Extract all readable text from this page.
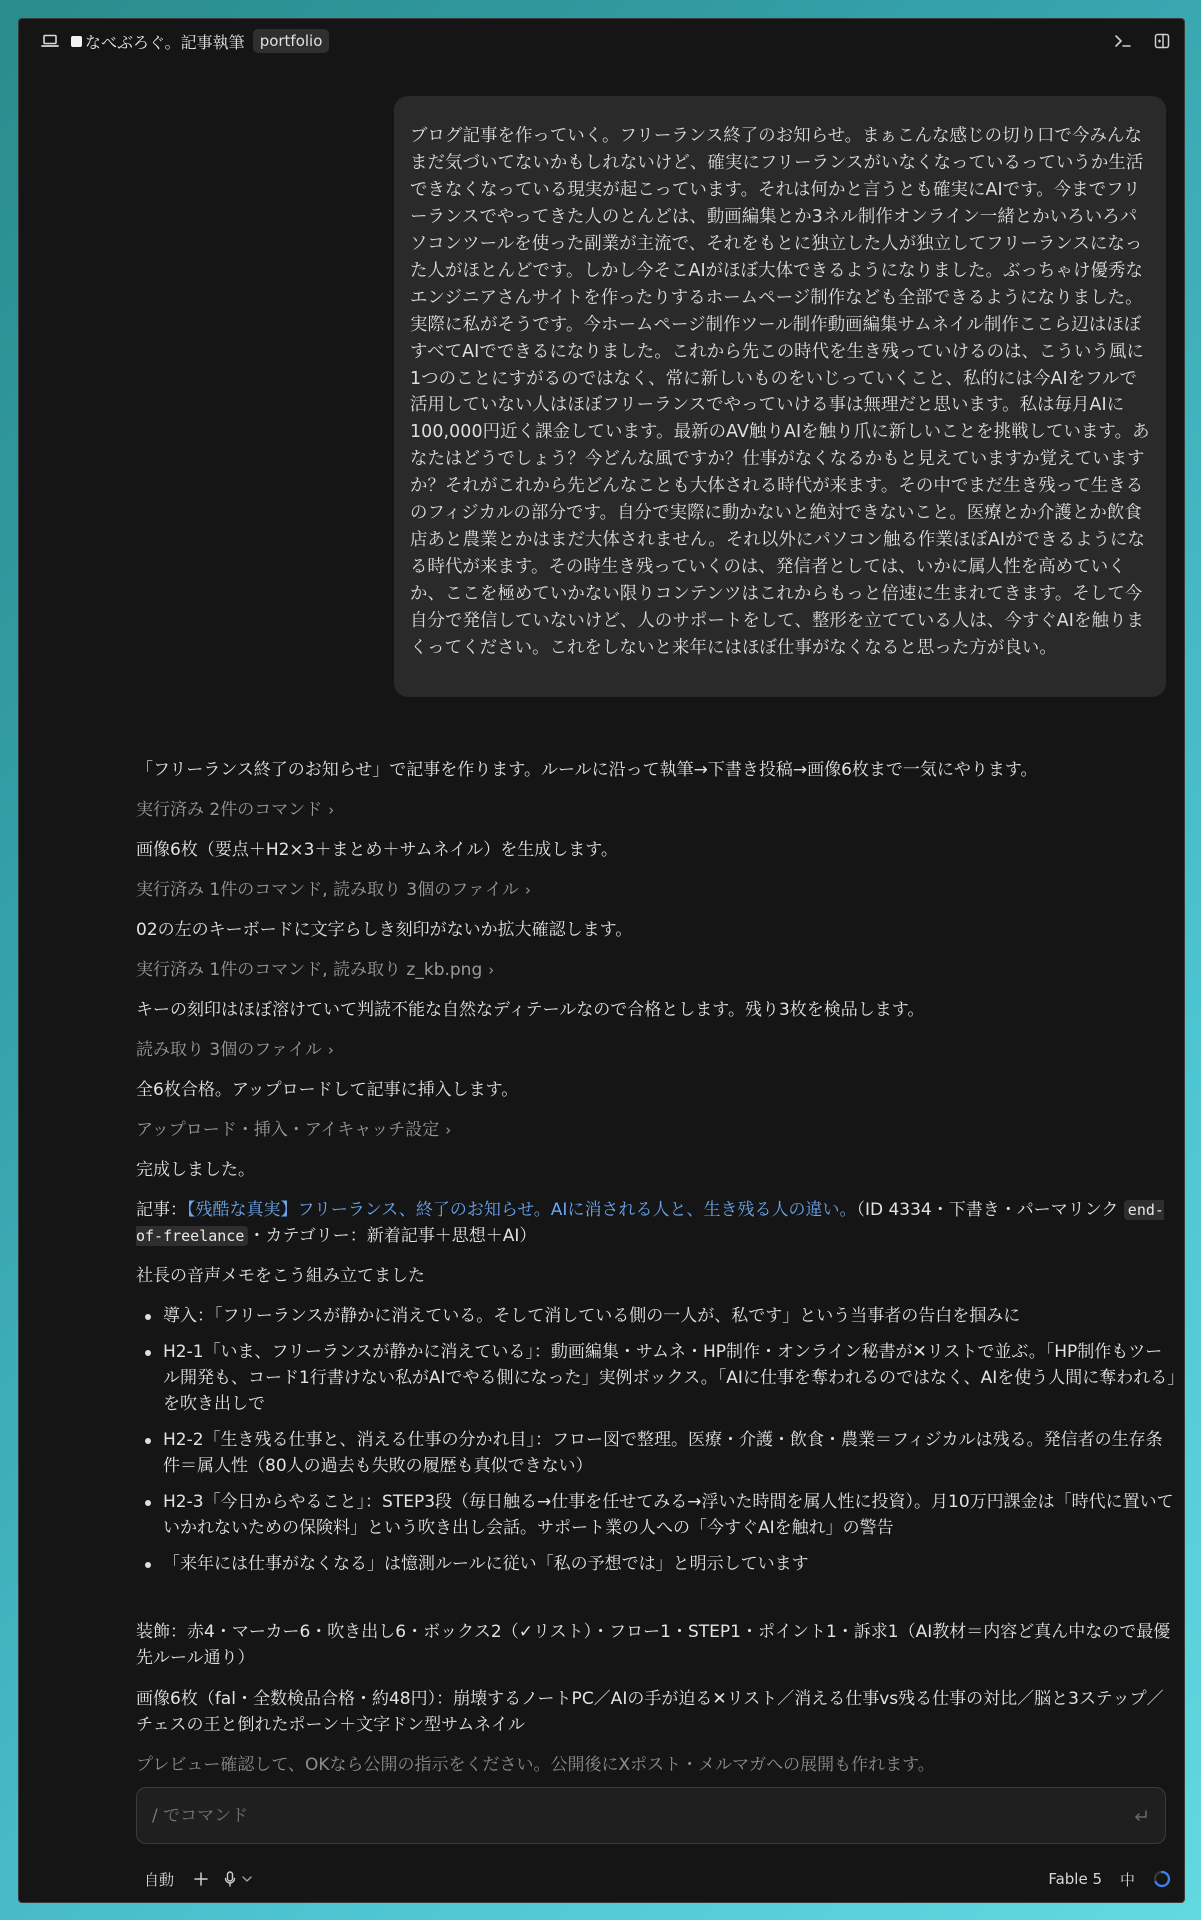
なべぶろぐ。記事執筆	portfolio

ブログ記事を作っていく。フリーランス終了のお知らせ。まぁこんな感じの切り口で今みんなまだ気づいてないかもしれないけど、確実にフリーランスがいなくなっているっていうか生活できなくなっている現実が起こっています。それは何かと言うとも確実にAIです。今までフリーランスでやってきた人のとんどは、動画編集とか3ネル制作オンライン一緒とかいろいろパソコンツールを使った副業が主流で、それをもとに独立した人が独立してフリーランスになった人がほとんどです。しかし今そこAIがほぼ大体できるようになりました。ぶっちゃけ優秀なエンジニアさんサイトを作ったりするホームページ制作なども全部できるようになりました。実際に私がそうです。今ホームページ制作ツール制作動画編集サムネイル制作ここら辺はほぼすべてAIでできるになりました。これから先この時代を生き残っていけるのは、こういう風に1つのことにすがるのではなく、常に新しいものをいじっていくこと、私的には今AIをフルで活用していない人はほぼフリーランスでやっていける事は無理だと思います。私は毎月AIに100,000円近く課金しています。最新のAV触りAIを触り爪に新しいことを挑戦しています。あなたはどうでしょう？今どんな風ですか？仕事がなくなるかもと見えていますか覚えていますか？それがこれから先どんなことも大体される時代が来ます。その中でまだ生き残って生きるのフィジカルの部分です。自分で実際に動かないと絶対できないこと。医療とか介護とか飲食店あと農業とかはまだ大体されません。それ以外にパソコン触る作業ほぼAIができるようになる時代が来ます。その時生き残っていくのは、発信者としては、いかに属人性を高めていくか、ここを極めていかない限りコンテンツはこれからもっと倍速に生まれてきます。そして今自分で発信していないけど、人のサポートをして、整形を立てている人は、今すぐAIを触りまくってください。これをしないと来年にはほぼ仕事がなくなると思った方が良い。

「フリーランス終了のお知らせ」で記事を作ります。ルールに沿って執筆→下書き投稿→画像6枚まで一気にやります。

実行済み 2件のコマンド ›

画像6枚（要点＋H2×3＋まとめ＋サムネイル）を生成します。

実行済み 1件のコマンド, 読み取り 3個のファイル ›

02の左のキーボードに文字らしき刻印がないか拡大確認します。

実行済み 1件のコマンド, 読み取り z_kb.png ›

キーの刻印はほぼ溶けていて判読不能な自然なディテールなので合格とします。残り3枚を検品します。

読み取り 3個のファイル ›

全6枚合格。アップロードして記事に挿入します。

アップロード・挿入・アイキャッチ設定 ›

完成しました。

記事：【残酷な真実】フリーランス、終了のお知らせ。AIに消される人と、生き残る人の違い。（ID 4334・下書き・パーマリンク end-of-freelance ・カテゴリー：新着記事＋思想＋AI）

社長の音声メモをこう組み立てました

導入：「フリーランスが静かに消えている。そして消している側の一人が、私です」という当事者の告白を掴みに
H2-1「いま、フリーランスが静かに消えている」：動画編集・サムネ・HP制作・オンライン秘書が✕リストで並ぶ。「HP制作もツール開発も、コード1行書けない私がAIでやる側になった」実例ボックス。「AIに仕事を奪われるのではなく、AIを使う人間に奪われる」を吹き出しで
H2-2「生き残る仕事と、消える仕事の分かれ目」：フロー図で整理。医療・介護・飲食・農業＝フィジカルは残る。発信者の生存条件＝属人性（80人の過去も失敗の履歴も真似できない）
H2-3「今日からやること」：STEP3段（毎日触る→仕事を任せてみる→浮いた時間を属人性に投資）。月10万円課金は「時代に置いていかれないための保険料」という吹き出し会話。サポート業の人への「今すぐAIを触れ」の警告
「来年には仕事がなくなる」は憶測ルールに従い「私の予想では」と明示しています

装飾：赤4・マーカー6・吹き出し6・ボックス2（✓リスト）・フロー1・STEP1・ポイント1・訴求1（AI教材＝内容ど真ん中なので最優先ルール通り）

画像6枚（fal・全数検品合格・約48円）：崩壊するノートPC／AIの手が迫る✕リスト／消える仕事vs残る仕事の対比／脳と3ステップ／チェスの王と倒れたポーン＋文字ドン型サムネイル

プレビュー確認して、OKなら公開の指示をください。公開後にXポスト・メルマガへの展開も作れます。

/ でコマンド
自動	Fable 5 中
